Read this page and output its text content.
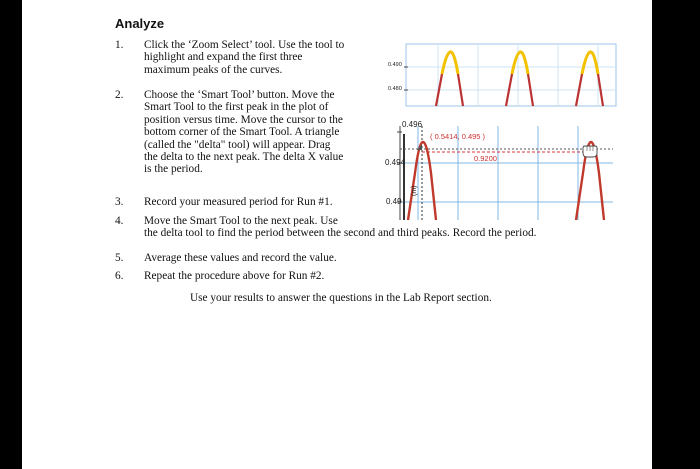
Analyze
1. Click the ‘Zoom Select’ tool. Use the tool to
highlight and expand the first three
maximum peaks of the curves.
2. Choose the ‘Smart Tool’ button. Move the
Smart Tool to the first peak in the plot of
position versus time. Move the cursor to the
bottom corner of the Smart Tool. A triangle
(called the "delta" tool) will appear. Drag
the delta to the next peak. The delta X value
is the period.
3. Record your measured period for Run #1.
4. Move the Smart Tool to the next peak. Use
the delta tool to find the period between the second and third peaks. Record the period.
5. Average these values and record the value.
6. Repeat the procedure above for Run #2.
Use your results to answer the questions in the Lab Report section.
0.490
0.480
0.496
0.494
0.49
( 0.5414, 0.495 )
0.9200
(m)
